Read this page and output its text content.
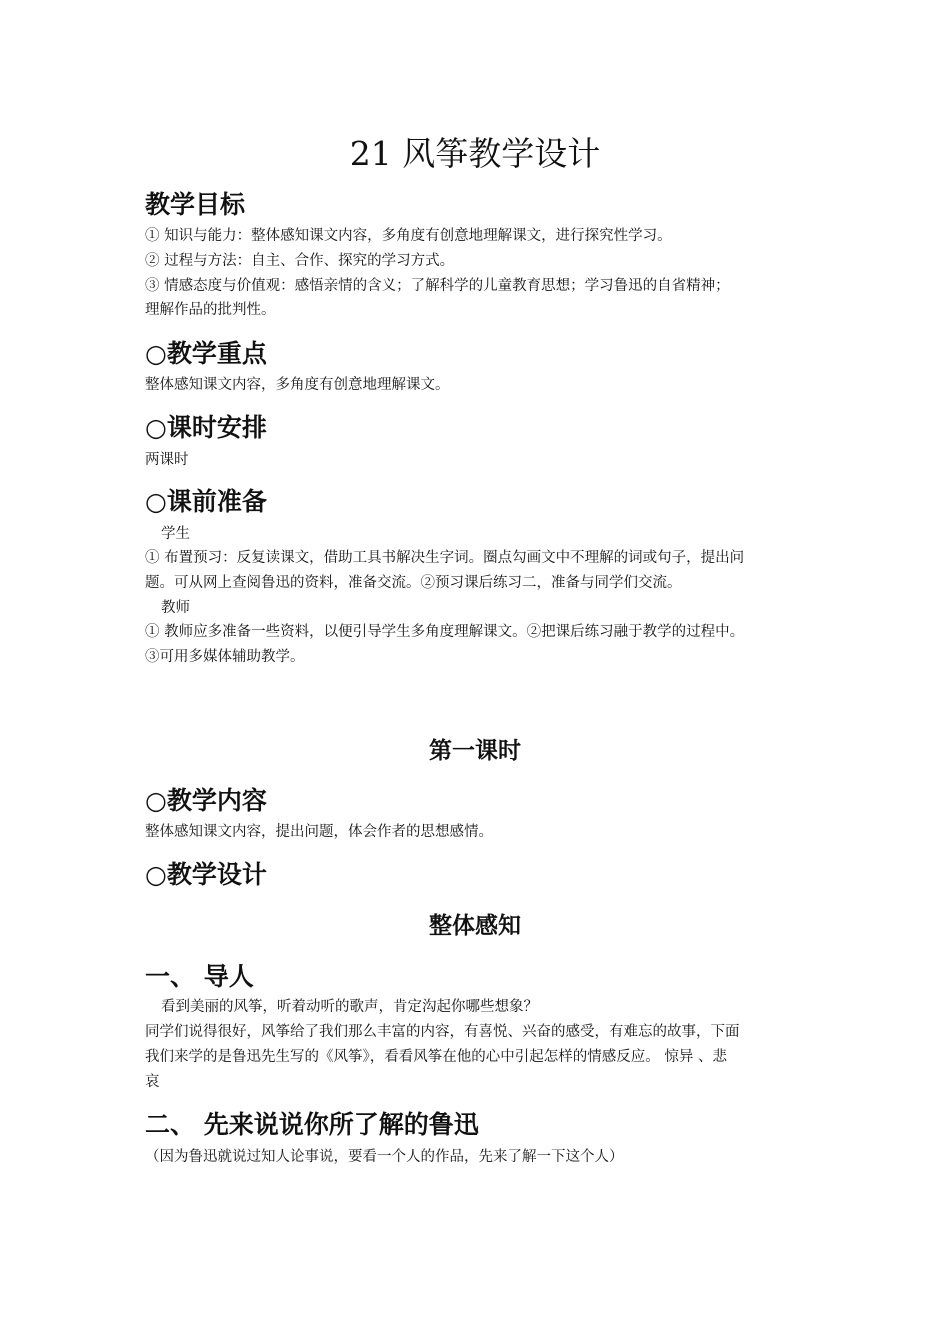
21 风筝教学设计
教学目标

① 知识与能力：整体感知课文内容，多角度有创意地理解课文，进行探究性学习。

② 过程与方法：自主、合作、探究的学习方式。

③ 情感态度与价值观：感悟亲情的含义；了解科学的儿童教育思想；学习鲁迅的自省精神；

理解作品的批判性。

○教学重点

整体感知课文内容，多角度有创意地理解课文。

○课时安排

两课时

○课前准备

学生

① 布置预习：反复读课文，借助工具书解决生字词。圈点勾画文中不理解的词或句子，提出问

题。可从网上查阅鲁迅的资料，准备交流。②预习课后练习二，准备与同学们交流。

教师

① 教师应多准备一些资料，以便引导学生多角度理解课文。②把课后练习融于教学的过程中。

③可用多媒体辅助教学。

第一课时
○教学内容

整体感知课文内容，提出问题，体会作者的思想感情。

○教学设计
整体感知
一、 导人

看到美丽的风筝，听着动听的歌声，肯定沟起你哪些想象？

同学们说得很好，风筝给了我们那么丰富的内容，有喜悦、兴奋的感受，有难忘的故事，下面

我们来学的是鲁迅先生写的《风筝》，看看风筝在他的心中引起怎样的情感反应。 惊异 、悲

哀

二、 先来说说你所了解的鲁迅

（因为鲁迅就说过知人论事说，要看一个人的作品，先来了解一下这个人）
